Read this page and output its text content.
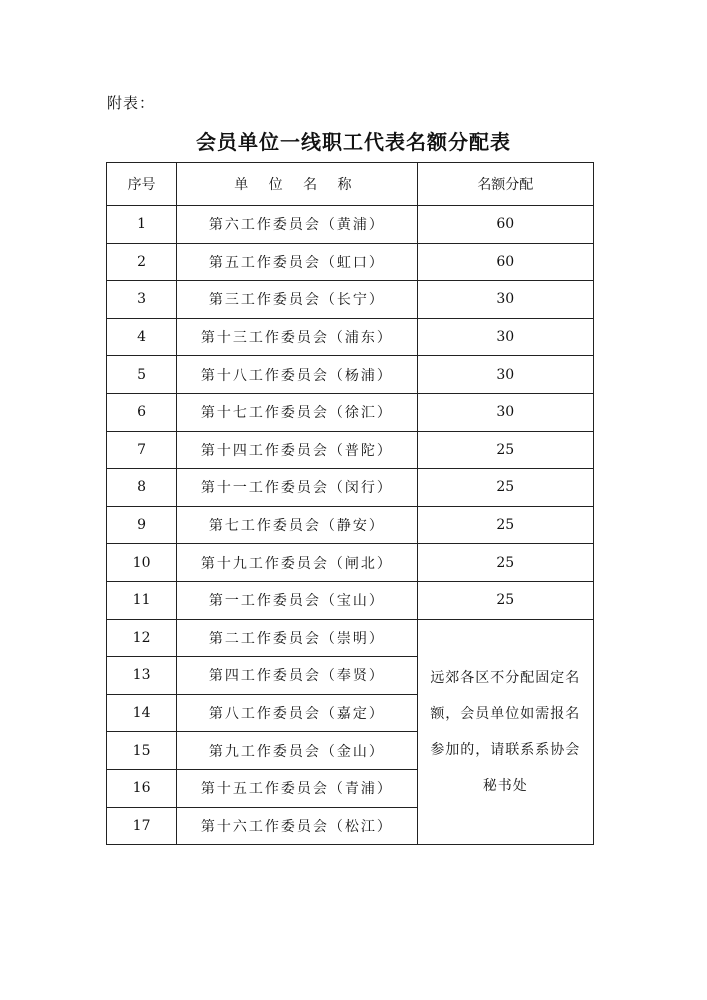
附表：
会员单位一线职工代表名额分配表
序号	单 位 名 称	名额分配
1	第六工作委员会（黄浦）	60
2	第五工作委员会（虹口）	60
3	第三工作委员会（长宁）	30
4	第十三工作委员会（浦东）	30
5	第十八工作委员会（杨浦）	30
6	第十七工作委员会（徐汇）	30
7	第十四工作委员会（普陀）	25
8	第十一工作委员会（闵行）	25
9	第七工作委员会（静安）	25
10	第十九工作委员会（闸北）	25
11	第一工作委员会（宝山）	25
12	第二工作委员会（崇明）	远郊各区不分配固定名额，会员单位如需报名参加的，请联系系协会秘书处
13	第四工作委员会（奉贤）	
14	第八工作委员会（嘉定）	
15	第九工作委员会（金山）	
16	第十五工作委员会（青浦）	
17	第十六工作委员会（松江）	
